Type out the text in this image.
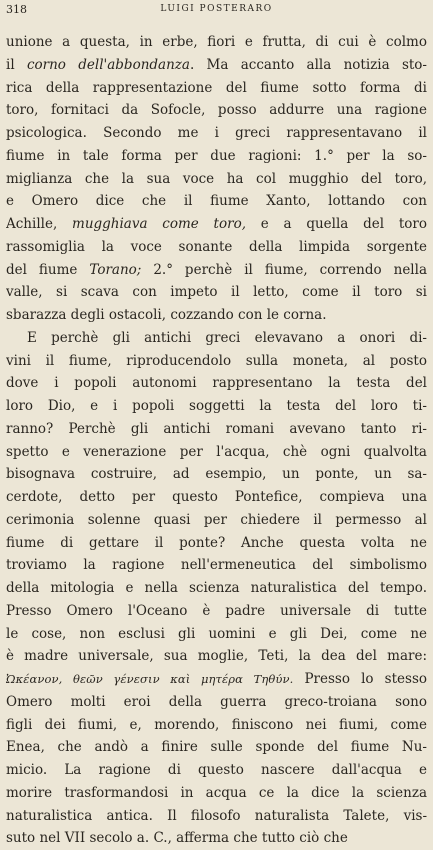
318	LUIGI POSTERARO
unione a questa, in erbe, fiori e frutta, di cui è colmo
il corno dell'abbondanza. Ma accanto alla notizia sto-
rica della rappresentazione del fiume sotto forma di
toro, fornitaci da Sofocle, posso addurre una ragione
psicologica. Secondo me i greci rappresentavano il
fiume in tale forma per due ragioni: 1.° per la so-
miglianza che la sua voce ha col mugghio del toro,
e Omero dice che il fiume Xanto, lottando con
Achille, mugghiava come toro, e a quella del toro
rassomiglia la voce sonante della limpida sorgente
del fiume Torano; 2.° perchè il fiume, correndo nella
valle, si scava con impeto il letto, come il toro si
sbarazza degli ostacoli, cozzando con le corna.
E perchè gli antichi greci elevavano a onori di-
vini il fiume, riproducendolo sulla moneta, al posto
dove i popoli autonomi rappresentano la testa del
loro Dio, e i popoli soggetti la testa del loro ti-
ranno? Perchè gli antichi romani avevano tanto ri-
spetto e venerazione per l'acqua, chè ogni qualvolta
bisognava costruire, ad esempio, un ponte, un sa-
cerdote, detto per questo Pontefice, compieva una
cerimonia solenne quasi per chiedere il permesso al
fiume di gettare il ponte? Anche questa volta ne
troviamo la ragione nell'ermeneutica del simbolismo
della mitologia e nella scienza naturalistica del tempo.
Presso Omero l'Oceano è padre universale di tutte
le cose, non esclusi gli uomini e gli Dei, come ne
è madre universale, sua moglie, Teti, la dea del mare:
Ὠκέανον, θεῶν γένεσιν καὶ μητέρα Τηθύν. Presso lo stesso
Omero molti eroi della guerra greco-troiana sono
figli dei fiumi, e, morendo, finiscono nei fiumi, come
Enea, che andò a finire sulle sponde del fiume Nu-
micio. La ragione di questo nascere dall'acqua e
morire trasformandosi in acqua ce la dice la scienza
naturalistica antica. Il filosofo naturalista Talete, vis-
suto nel VII secolo a. C., afferma che tutto ciò che
